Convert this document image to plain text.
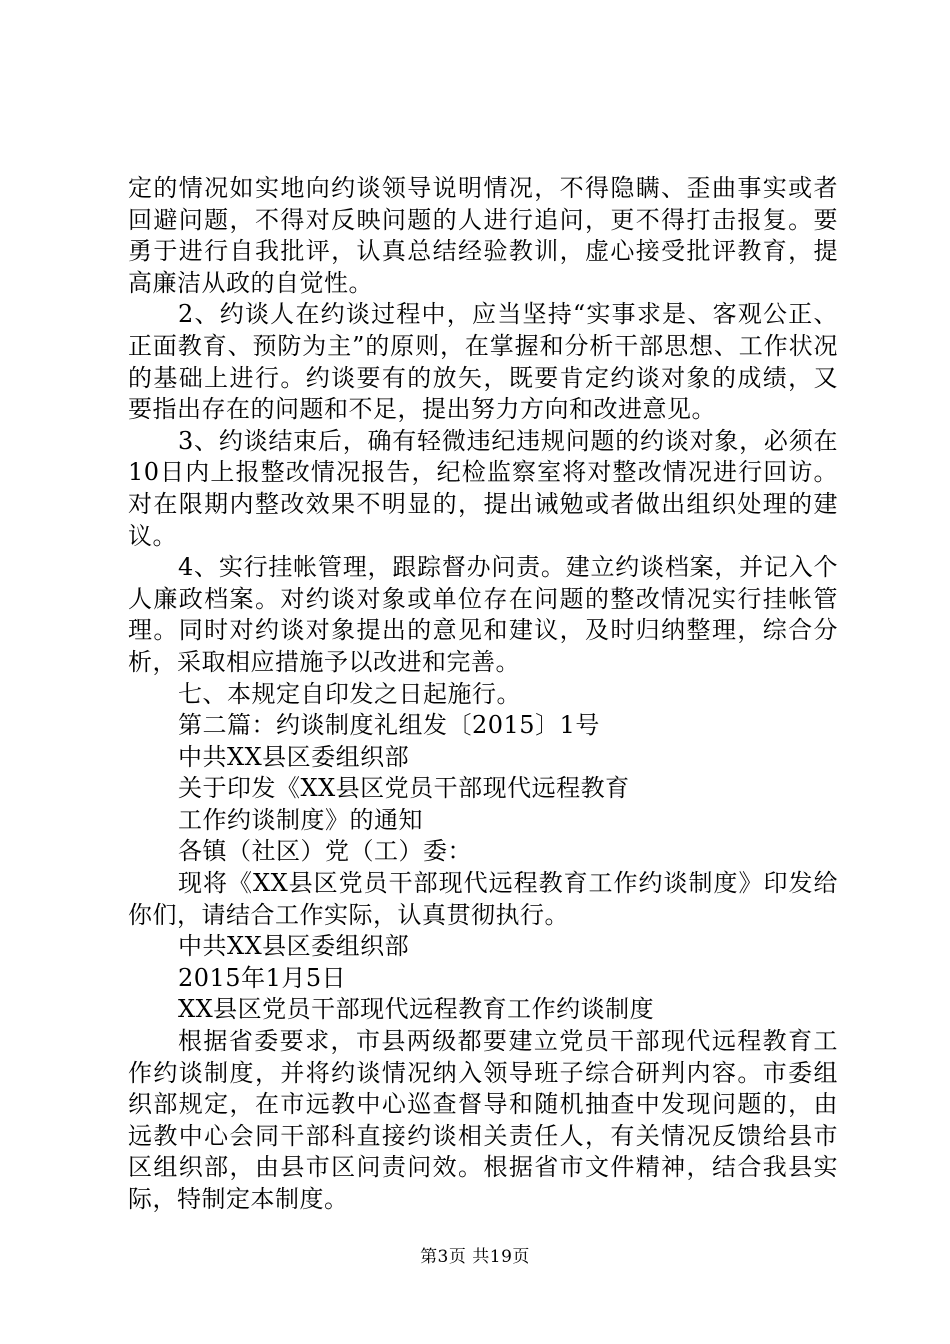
定的情况如实地向约谈领导说明情况，不得隐瞒、歪曲事实或者回避问题，不得对反映问题的人进行追问，更不得打击报复。要勇于进行自我批评，认真总结经验教训，虚心接受批评教育，提高廉洁从政的自觉性。

2、约谈人在约谈过程中，应当坚持“实事求是、客观公正、正面教育、预防为主”的原则，在掌握和分析干部思想、工作状况的基础上进行。约谈要有的放矢，既要肯定约谈对象的成绩，又要指出存在的问题和不足，提出努力方向和改进意见。

3、约谈结束后，确有轻微违纪违规问题的约谈对象，必须在10日内上报整改情况报告，纪检监察室将对整改情况进行回访。对在限期内整改效果不明显的，提出诫勉或者做出组织处理的建议。

4、实行挂帐管理，跟踪督办问责。建立约谈档案，并记入个人廉政档案。对约谈对象或单位存在问题的整改情况实行挂帐管理。同时对约谈对象提出的意见和建议，及时归纳整理，综合分析，采取相应措施予以改进和完善。

七、本规定自印发之日起施行。

第二篇：约谈制度礼组发〔2015〕1号

中共XX县区委组织部

关于印发《XX县区党员干部现代远程教育

工作约谈制度》的通知

各镇（社区）党（工）委：

现将《XX县区党员干部现代远程教育工作约谈制度》印发给你们，请结合工作实际，认真贯彻执行。

中共XX县区委组织部

2015年1月5日

XX县区党员干部现代远程教育工作约谈制度

根据省委要求，市县两级都要建立党员干部现代远程教育工作约谈制度，并将约谈情况纳入领导班子综合研判内容。市委组织部规定，在市远教中心巡查督导和随机抽查中发现问题的，由远教中心会同干部科直接约谈相关责任人，有关情况反馈给县市区组织部，由县市区问责问效。根据省市文件精神，结合我县实际，特制定本制度。

第3页 共19页
